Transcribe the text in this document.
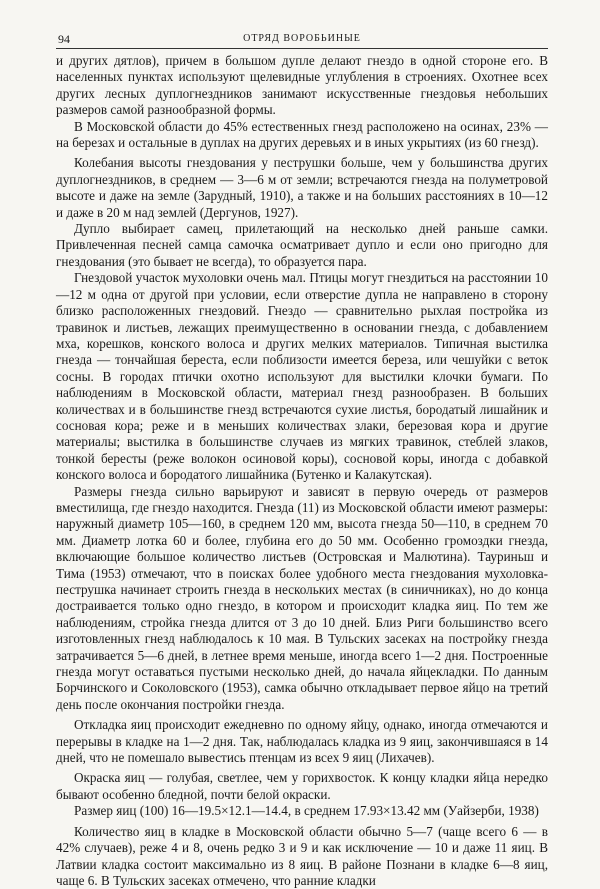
94	ОТРЯД ВОРОБЬИНЫЕ

и других дятлов), причем в большом дупле делают гнездо в одной стороне его. В населенных пунктах используют щелевидные углубления в строениях. Охотнее всех других лесных дуплогнездников занимают искусственные гнездовья небольших размеров самой разнообразной формы.

В Московской области до 45% естественных гнезд расположено на осинах, 23% — на березах и остальные в дуплах на других деревьях и в иных укрытиях (из 60 гнезд).

Колебания высоты гнездования у пеструшки больше, чем у большинства других дуплогнездников, в среднем — 3—6 м от земли; встречаются гнезда на полуметровой высоте и даже на земле (Зарудный, 1910), а также и на больших расстояниях в 10—12 и даже в 20 м над землей (Дергунов, 1927).

Дупло выбирает самец, прилетающий на несколько дней раньше самки. Привлеченная песней самца самочка осматривает дупло и если оно пригодно для гнездования (это бывает не всегда), то образуется пара.

Гнездовой участок мухоловки очень мал. Птицы могут гнездиться на расстоянии 10—12 м одна от другой при условии, если отверстие дупла не направлено в сторону близко расположенных гнездовий. Гнездо — сравнительно рыхлая постройка из травинок и листьев, лежащих преимущественно в основании гнезда, с добавлением мха, корешков, конского волоса и других мелких материалов. Типичная выстилка гнезда — тончайшая береста, если поблизости имеется береза, или чешуйки с веток сосны. В городах птички охотно используют для выстилки клочки бумаги. По наблюдениям в Московской области, материал гнезд разнообразен. В больших количествах и в большинстве гнезд встречаются сухие листья, бородатый лишайник и сосновая кора; реже и в меньших количествах злаки, березовая кора и другие материалы; выстилка в большинстве случаев из мягких травинок, стеблей злаков, тонкой бересты (реже волокон осиновой коры), сосновой коры, иногда с добавкой конского волоса и бородатого лишайника (Бутенко и Калакутская).

Размеры гнезда сильно варьируют и зависят в первую очередь от размеров вместилища, где гнездо находится. Гнезда (11) из Московской области имеют размеры: наружный диаметр 105—160, в среднем 120 мм, высота гнезда 50—110, в среднем 70 мм. Диаметр лотка 60 и более, глубина его до 50 мм. Особенно громоздки гнезда, включающие большое количество листьев (Островская и Малютина). Тауриньш и Тима (1953) отмечают, что в поисках более удобного места гнездования мухоловка-пеструшка начинает строить гнезда в нескольких местах (в синичниках), но до конца достраивается только одно гнездо, в котором и происходит кладка яиц. По тем же наблюдениям, стройка гнезда длится от 3 до 10 дней. Близ Риги большинство всего изготовленных гнезд наблюдалось к 10 мая. В Тульских засеках на постройку гнезда затрачивается 5—6 дней, в летнее время меньше, иногда всего 1—2 дня. Построенные гнезда могут оставаться пустыми несколько дней, до начала яйцекладки. По данным Борчинского и Соколовского (1953), самка обычно откладывает первое яйцо на третий день после окончания постройки гнезда.

Откладка яиц происходит ежедневно по одному яйцу, однако, иногда отмечаются и перерывы в кладке на 1—2 дня. Так, наблюдалась кладка из 9 яиц, закончившаяся в 14 дней, что не помешало вывестись птенцам из всех 9 яиц (Лихачев).

Окраска яиц — голубая, светлее, чем у горихвосток. К концу кладки яйца нередко бывают особенно бледной, почти белой окраски.

Размер яиц (100) 16—19.5×12.1—14.4, в среднем 17.93×13.42 мм (Уайзерби, 1938)

Количество яиц в кладке в Московской области обычно 5—7 (чаще всего 6 — в 42% случаев), реже 4 и 8, очень редко 3 и 9 и как исключение — 10 и даже 11 яиц. В Латвии кладка состоит максимально из 8 яиц. В районе Познани в кладке 6—8 яиц, чаще 6. В Тульских засеках отмечено, что ранние кладки
